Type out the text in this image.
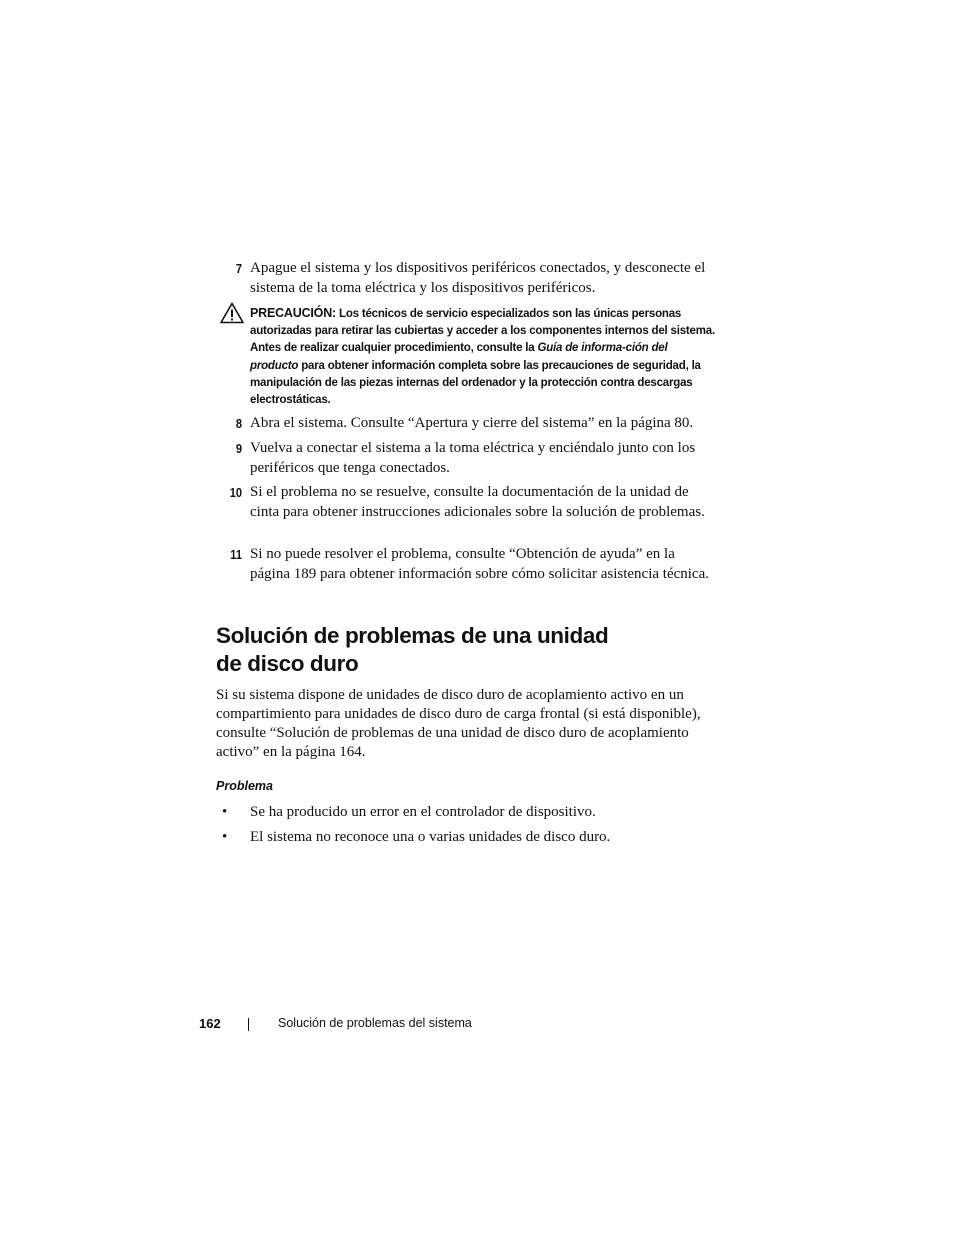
7 Apague el sistema y los dispositivos periféricos conectados, y desconecte el sistema de la toma eléctrica y los dispositivos periféricos.
PRECAUCIÓN: Los técnicos de servicio especializados son las únicas personas autorizadas para retirar las cubiertas y acceder a los componentes internos del sistema. Antes de realizar cualquier procedimiento, consulte la Guía de informa-ción del producto para obtener información completa sobre las precauciones de seguridad, la manipulación de las piezas internas del ordenador y la protección contra descargas electrostáticas.
8 Abra el sistema. Consulte “Apertura y cierre del sistema” en la página 80.
9 Vuelva a conectar el sistema a la toma eléctrica y enciéndalo junto con los periféricos que tenga conectados.
10 Si el problema no se resuelve, consulte la documentación de la unidad de cinta para obtener instrucciones adicionales sobre la solución de problemas.
11 Si no puede resolver el problema, consulte “Obtención de ayuda” en la página 189 para obtener información sobre cómo solicitar asistencia técnica.
Solución de problemas de una unidad
de disco duro

Si su sistema dispone de unidades de disco duro de acoplamiento activo en un compartimiento para unidades de disco duro de carga frontal (si está disponible), consulte “Solución de problemas de una unidad de disco duro de acoplamiento activo” en la página 164.

Problema
• Se ha producido un error en el controlador de dispositivo.
• El sistema no reconoce una o varias unidades de disco duro.
162	Solución de problemas del sistema
